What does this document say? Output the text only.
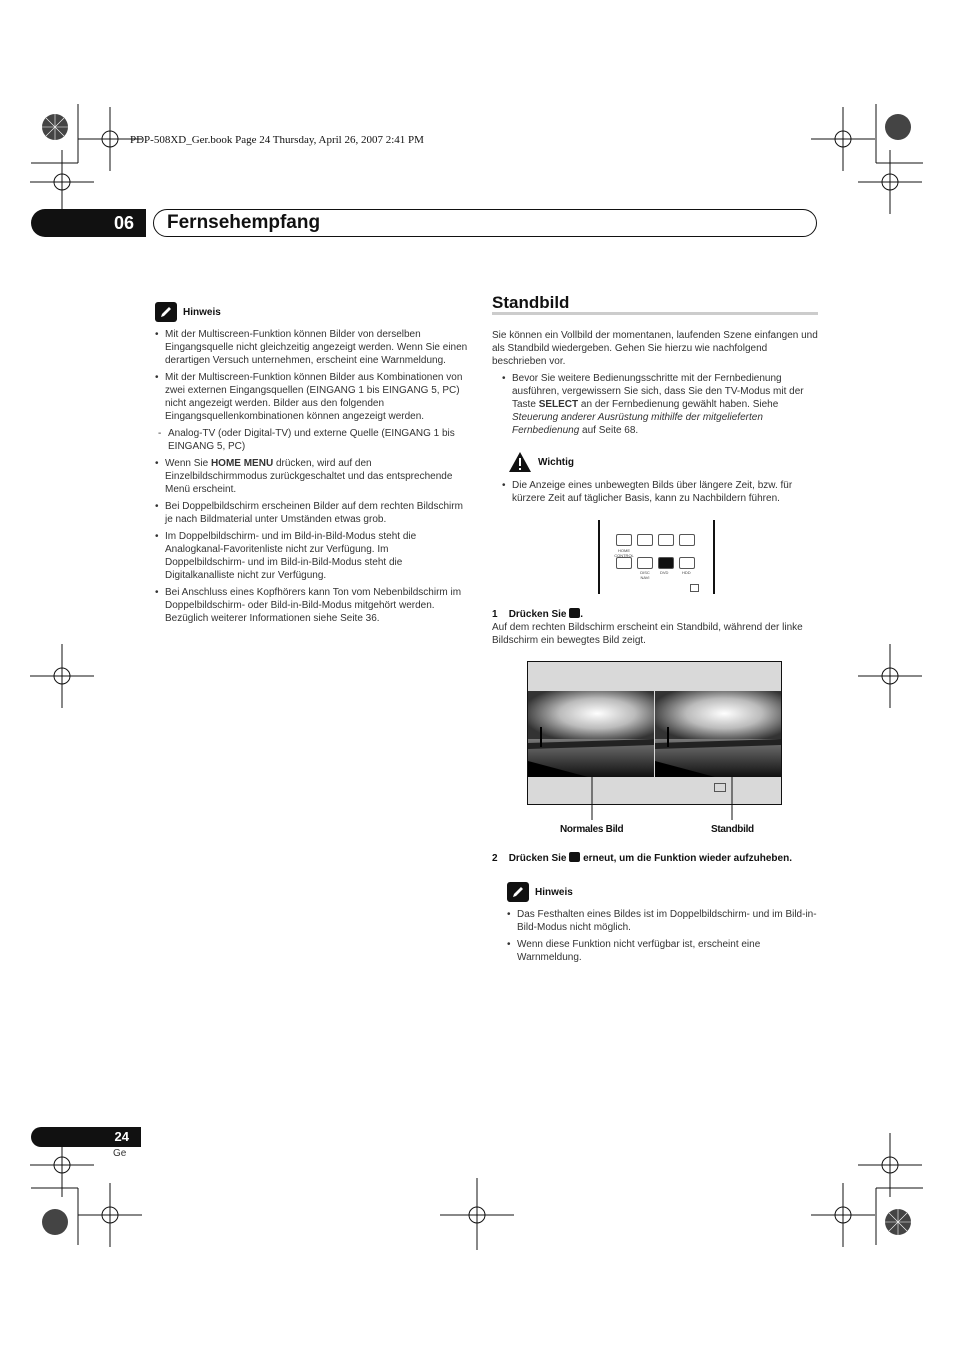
PDP-508XD_Ger.book Page 24 Thursday, April 26, 2007 2:41 PM
06	Fernsehempfang
Hinweis
• Mit der Multiscreen-Funktion können Bilder von derselben Eingangsquelle nicht gleichzeitig angezeigt werden. Wenn Sie einen derartigen Versuch unternehmen, erscheint eine Warnmeldung.
• Mit der Multiscreen-Funktion können Bilder aus Kombinationen von zwei externen Eingangsquellen (EINGANG 1 bis EINGANG 5, PC) nicht angezeigt werden. Bilder aus den folgenden Eingangsquellenkombinationen können angezeigt werden.
- Analog-TV (oder Digital-TV) und externe Quelle (EINGANG 1 bis EINGANG 5, PC)
• Wenn Sie HOME MENU drücken, wird auf den Einzelbildschirmmodus zurückgeschaltet und das entsprechende Menü erscheint.
• Bei Doppelbildschirm erscheinen Bilder auf dem rechten Bildschirm je nach Bildmaterial unter Umständen etwas grob.
• Im Doppelbildschirm- und im Bild-in-Bild-Modus steht die Analogkanal-Favoritenliste nicht zur Verfügung. Im Doppelbildschirm- und im Bild-in-Bild-Modus steht die Digitalkanalliste nicht zur Verfügung.
• Bei Anschluss eines Kopfhörers kann Ton vom Nebenbildschirm im Doppelbildschirm- oder Bild-in-Bild-Modus mitgehört werden. Bezüglich weiterer Informationen siehe Seite 36.
Standbild

Sie können ein Vollbild der momentanen, laufenden Szene einfangen und als Standbild wiedergeben. Gehen Sie hierzu wie nachfolgend beschrieben vor.

• Bevor Sie weitere Bedienungsschritte mit der Fernbedienung ausführen, vergewissern Sie sich, dass Sie den TV-Modus mit der Taste SELECT an der Fernbedienung gewählt haben. Siehe Steuerung anderer Ausrüstung mithilfe der mitgelieferten Fernbedienung auf Seite 68.
Wichtig
• Die Anzeige eines unbewegten Bilds über längere Zeit, bzw. für kürzere Zeit auf täglicher Basis, kann zu Nachbildern führen.
HOME CONTROL
DISC NAVI
DVD	HDD
1 Drücken Sie .
Auf dem rechten Bildschirm erscheint ein Standbild, während der linke Bildschirm ein bewegtes Bild zeigt.
Normales Bild	Standbild
2 Drücken Sie erneut, um die Funktion wieder aufzuheben.
Hinweis
• Das Festhalten eines Bildes ist im Doppelbildschirm- und im Bild-in-Bild-Modus nicht möglich.
• Wenn diese Funktion nicht verfügbar ist, erscheint eine Warnmeldung.
24
Ge
